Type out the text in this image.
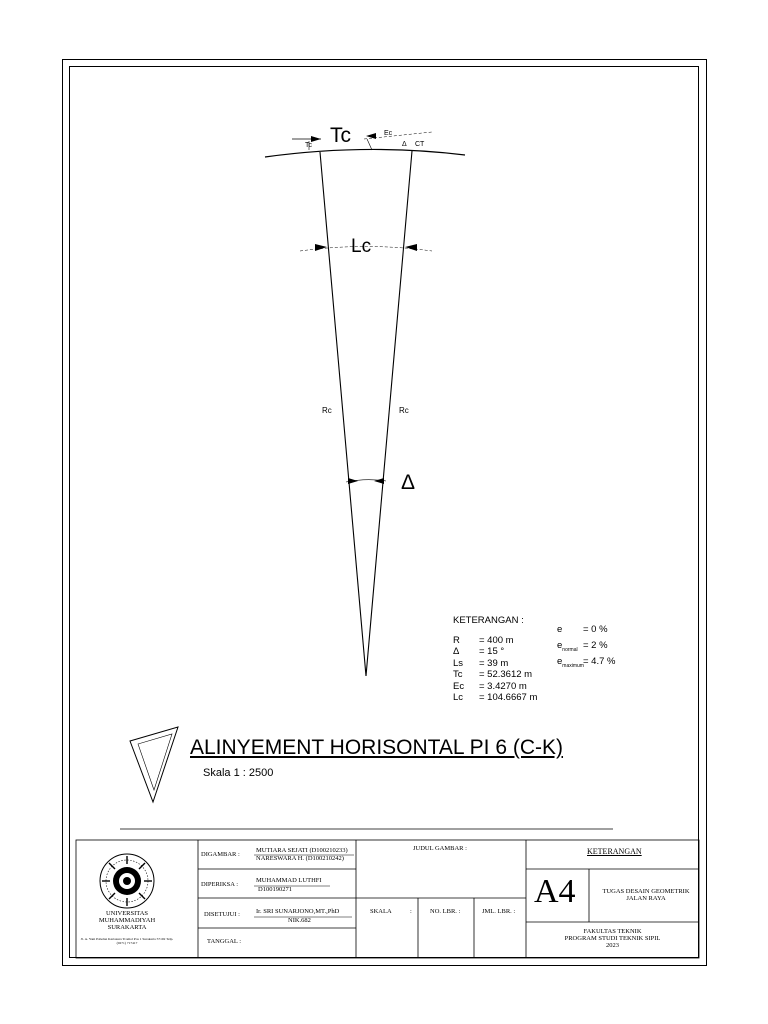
Tc
Tc
Ec
Δ CT
Lc
Rc	Rc
Δ
KETERANGAN :
R	= 400 m
Δ	= 15 °
Ls	= 39 m
Tc	= 52.3612 m
Ec	= 3.4270 m
Lc	= 104.6667 m
e	= 0 %
$e_{normal} = 2$ %
$e_{maximum} = 4.7$ %
ALINYEMENT HORISONTAL PI 6 (C-K)
Skala 1 : 2500
UNIVERSITAS
MUHAMMADIYAH
SURAKARTA
Jl. A. Yani Pabelan Kartasura Tromol Pos 1 Surakarta 57102 Telp. (0271) 717417
DIGAMBAR :
MUTIARA SEJATI (D100210233)
NARESWARA H. (D100210242)
DIPERIKSA :
MUHAMMAD LUTHFI
D100190271
DISETUJUI : Ir. SRI SUNARJONO,MT.,PhD
NIK.682
TANGGAL :
JUDUL GAMBAR :
SKALA	:	NO. LBR. :	JML. LBR. :
KETERANGAN
A4	TUGAS DESAIN GEOMETRIK
JALAN RAYA
FAKULTAS TEKNIK
PROGRAM STUDI TEKNIK SIPIL
2023
